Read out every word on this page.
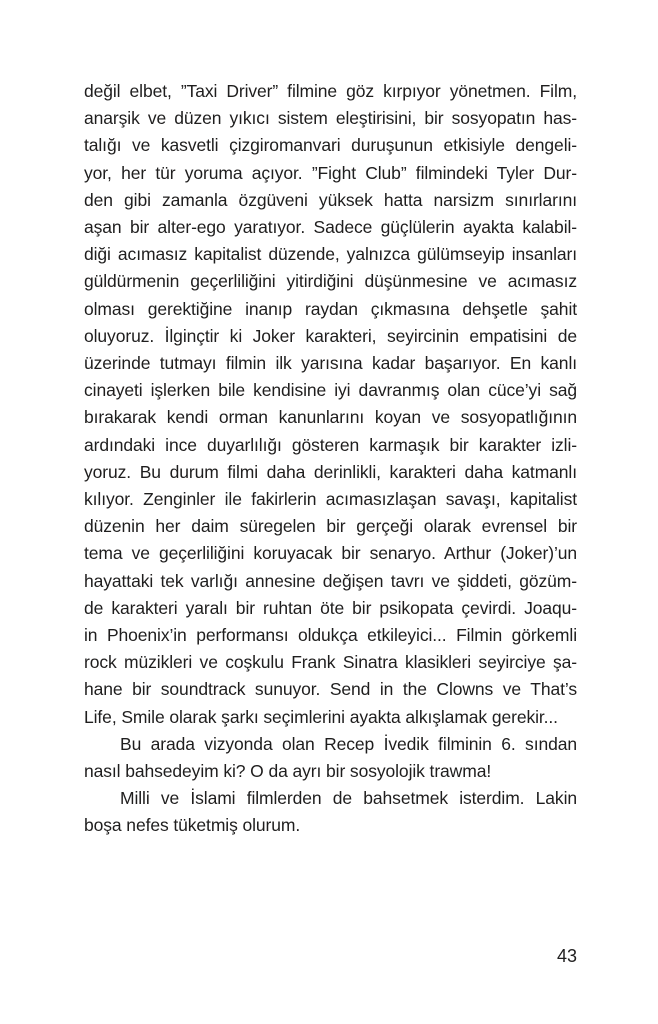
değil elbet, ”Taxi Driver” filmine göz kırpıyor yönetmen. Film,
anarşik ve düzen yıkıcı sistem eleştirisini, bir sosyopatın has-
talığı ve kasvetli çizgiromanvari duruşunun etkisiyle dengeli-
yor, her tür yoruma açıyor. ”Fight Club” filmindeki Tyler Dur-
den gibi zamanla özgüveni yüksek hatta narsizm sınırlarını
aşan bir alter-ego yaratıyor. Sadece güçlülerin ayakta kalabil-
diği acımasız kapitalist düzende, yalnızca gülümseyip insanları
güldürmenin geçerliliğini yitirdiğini düşünmesine ve acımasız
olması gerektiğine inanıp raydan çıkmasına dehşetle şahit
oluyoruz. İlginçtir ki Joker karakteri, seyircinin empatisini de
üzerinde tutmayı filmin ilk yarısına kadar başarıyor. En kanlı
cinayeti işlerken bile kendisine iyi davranmış olan cüce’yi sağ
bırakarak kendi orman kanunlarını koyan ve sosyopatlığının
ardındaki ince duyarlılığı gösteren karmaşık bir karakter izli-
yoruz. Bu durum filmi daha derinlikli, karakteri daha katmanlı
kılıyor. Zenginler ile fakirlerin acımasızlaşan savaşı, kapitalist
düzenin her daim süregelen bir gerçeği olarak evrensel bir
tema ve geçerliliğini koruyacak bir senaryo. Arthur (Joker)’un
hayattaki tek varlığı annesine değişen tavrı ve şiddeti, gözüm-
de karakteri yaralı bir ruhtan öte bir psikopata çevirdi. Joaqu-
in Phoenix’in performansı oldukça etkileyici... Filmin görkemli
rock müzikleri ve coşkulu Frank Sinatra klasikleri seyirciye şa-
hane bir soundtrack sunuyor. Send in the Clowns ve That’s
Life, Smile olarak şarkı seçimlerini ayakta alkışlamak gerekir...
Bu arada vizyonda olan Recep İvedik filminin 6. sından
nasıl bahsedeyim ki? O da ayrı bir sosyolojik trawma!
Milli ve İslami filmlerden de bahsetmek isterdim. Lakin
boşa nefes tüketmiş olurum.
43
